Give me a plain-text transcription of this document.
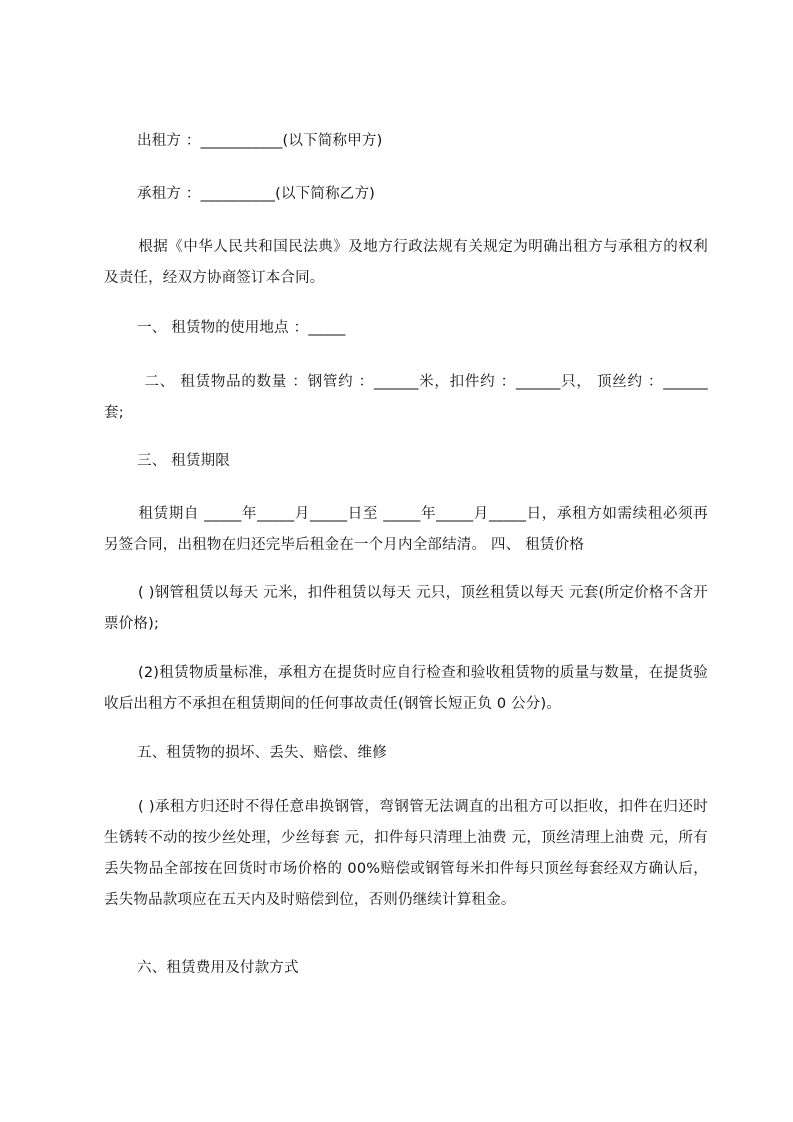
出租方 ：___________(以下简称甲方)
承租方 ：__________(以下简称乙方)
根据《中华人民共和国民法典》及地方行政法规有关规定为明确出租方与承租方的权利及责任，经双方协商签订本合同。
一、 租赁物的使用地点 ：_____
二、 租赁物品的数量 ：钢管约 ：______米，扣件约 ：______只， 顶丝约 ：______套;
三、 租赁期限
租赁期自 _____年_____月_____日至 _____年_____月_____日，承租方如需续租必须再另签合同，出租物在归还完毕后租金在一个月内全部结清。 四、 租赁价格
( )钢管租赁以每天 元米，扣件租赁以每天 元只，顶丝租赁以每天 元套(所定价格不含开票价格);
(2)租赁物质量标准，承租方在提货时应自行检查和验收租赁物的质量与数量，在提货验收后出租方不承担在租赁期间的任何事故责任(钢管长短正负 0 公分)。
五、租赁物的损坏、丢失、赔偿、维修
( )承租方归还时不得任意串换钢管，弯钢管无法调直的出租方可以拒收，扣件在归还时生锈转不动的按少丝处理，少丝每套 元，扣件每只清理上油费 元，顶丝清理上油费 元，所有丢失物品全部按在回货时市场价格的 00%赔偿或钢管每米扣件每只顶丝每套经双方确认后，丢失物品款项应在五天内及时赔偿到位，否则仍继续计算租金。
六、租赁费用及付款方式
